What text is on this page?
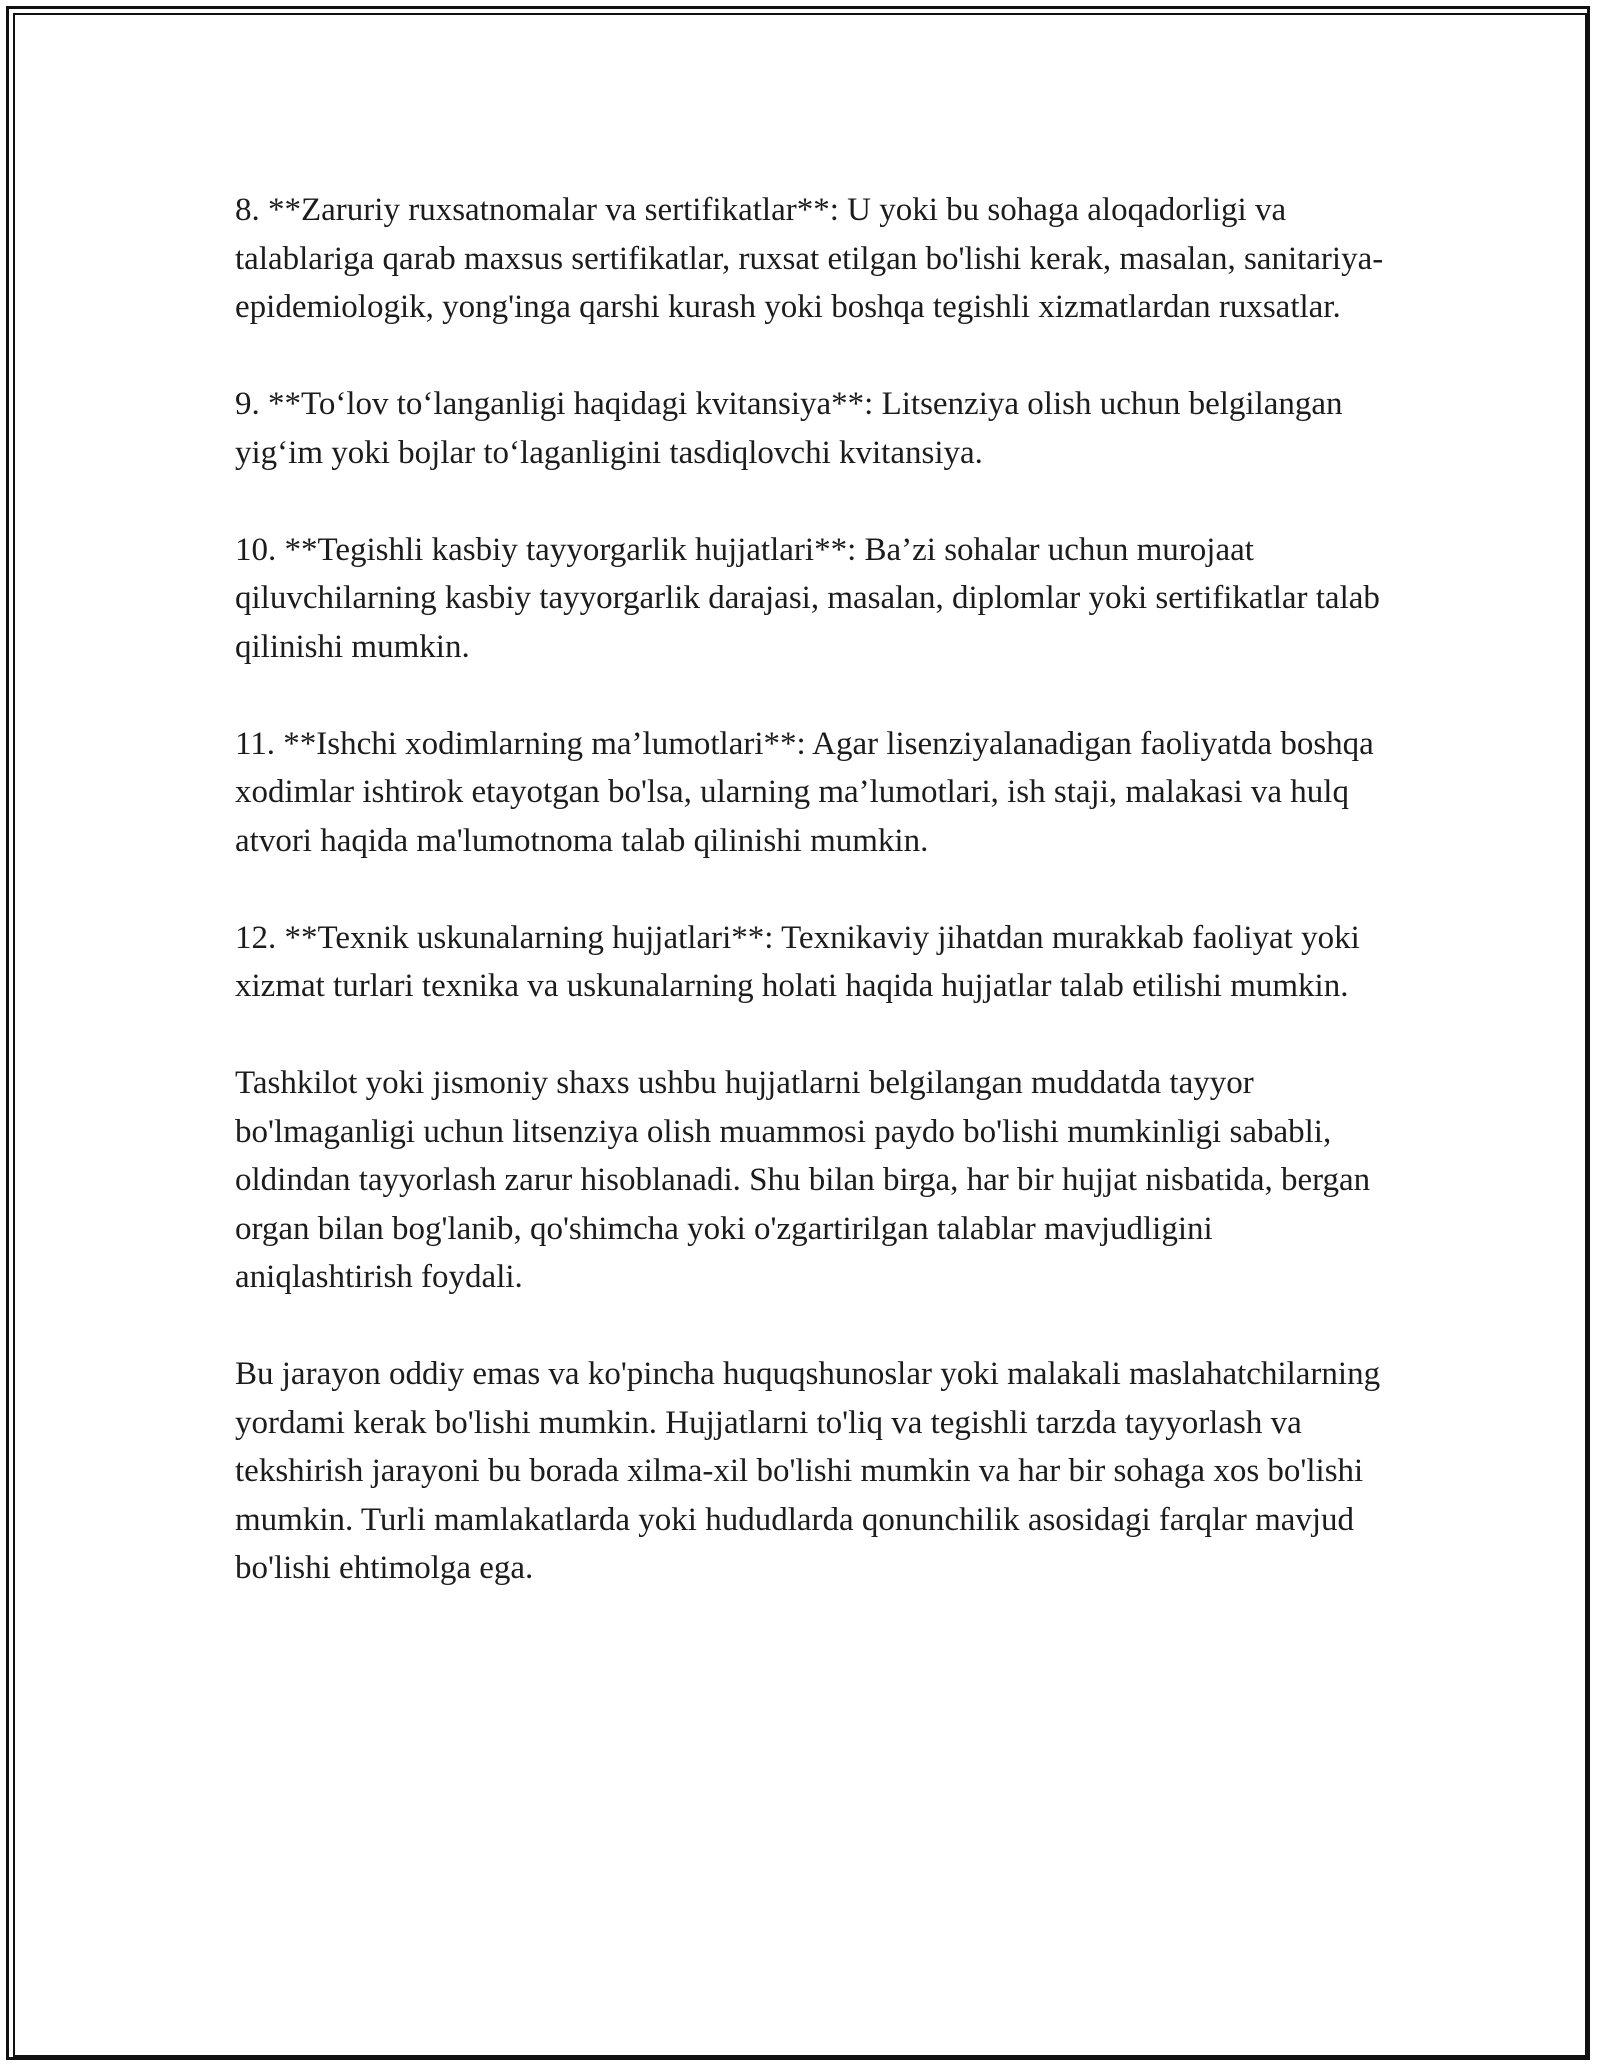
8. **Zaruriy ruxsatnomalar va sertifikatlar**: U yoki bu sohaga aloqadorligi va talablariga qarab maxsus sertifikatlar, ruxsat etilgan bo'lishi kerak, masalan, sanitariya-epidemiologik, yong'inga qarshi kurash yoki boshqa tegishli xizmatlardan ruxsatlar.

9. **To‘lov to‘langanligi haqidagi kvitansiya**: Litsenziya olish uchun belgilangan yig‘im yoki bojlar to‘laganligini tasdiqlovchi kvitansiya.

10. **Tegishli kasbiy tayyorgarlik hujjatlari**: Ba’zi sohalar uchun murojaat qiluvchilarning kasbiy tayyorgarlik darajasi, masalan, diplomlar yoki sertifikatlar talab qilinishi mumkin.

11. **Ishchi xodimlarning ma’lumotlari**: Agar lisenziyalanadigan faoliyatda boshqa xodimlar ishtirok etayotgan bo'lsa, ularning ma’lumotlari, ish staji, malakasi va hulq atvori haqida ma'lumotnoma talab qilinishi mumkin.

12. **Texnik uskunalarning hujjatlari**: Texnikaviy jihatdan murakkab faoliyat yoki xizmat turlari texnika va uskunalarning holati haqida hujjatlar talab etilishi mumkin.

Tashkilot yoki jismoniy shaxs ushbu hujjatlarni belgilangan muddatda tayyor bo'lmaganligi uchun litsenziya olish muammosi paydo bo'lishi mumkinligi sababli, oldindan tayyorlash zarur hisoblanadi. Shu bilan birga, har bir hujjat nisbatida, bergan organ bilan bog'lanib, qo'shimcha yoki o'zgartirilgan talablar mavjudligini aniqlashtirish foydali.

Bu jarayon oddiy emas va ko'pincha huquqshunoslar yoki malakali maslahatchilarning yordami kerak bo'lishi mumkin. Hujjatlarni to'liq va tegishli tarzda tayyorlash va tekshirish jarayoni bu borada xilma-xil bo'lishi mumkin va har bir sohaga xos bo'lishi mumkin. Turli mamlakatlarda yoki hududlarda qonunchilik asosidagi farqlar mavjud bo'lishi ehtimolga ega.
